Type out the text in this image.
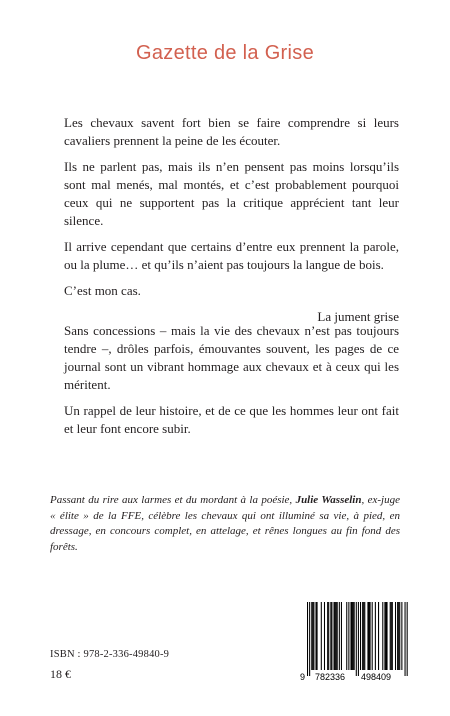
Gazette de la Grise

Les chevaux savent fort bien se faire comprendre si leurs cavaliers prennent la peine de les écouter.

Ils ne parlent pas, mais ils n’en pensent pas moins lorsqu’ils sont mal menés, mal montés, et c’est probablement pourquoi ceux qui ne supportent pas la critique apprécient tant leur silence.

Il arrive cependant que certains d’entre eux prennent la parole, ou la plume… et qu’ils n’aient pas toujours la langue de bois.

C’est mon cas.

La jument grise

Sans concessions – mais la vie des chevaux n’est pas toujours tendre –, drôles parfois, émouvantes souvent, les pages de ce journal sont un vibrant hommage aux chevaux et à ceux qui les méritent.

Un rappel de leur histoire, et de ce que les hommes leur ont fait et leur font encore subir.

Passant du rire aux larmes et du mordant à la poésie, Julie Wasselin, ex-juge « élite » de la FFE, célèbre les chevaux qui ont illuminé sa vie, à pied, en dressage, en concours complet, en attelage, et rênes longues au fin fond des forêts.

ISBN : 978-2-336-49840-9
18 €	9 782336 498409
